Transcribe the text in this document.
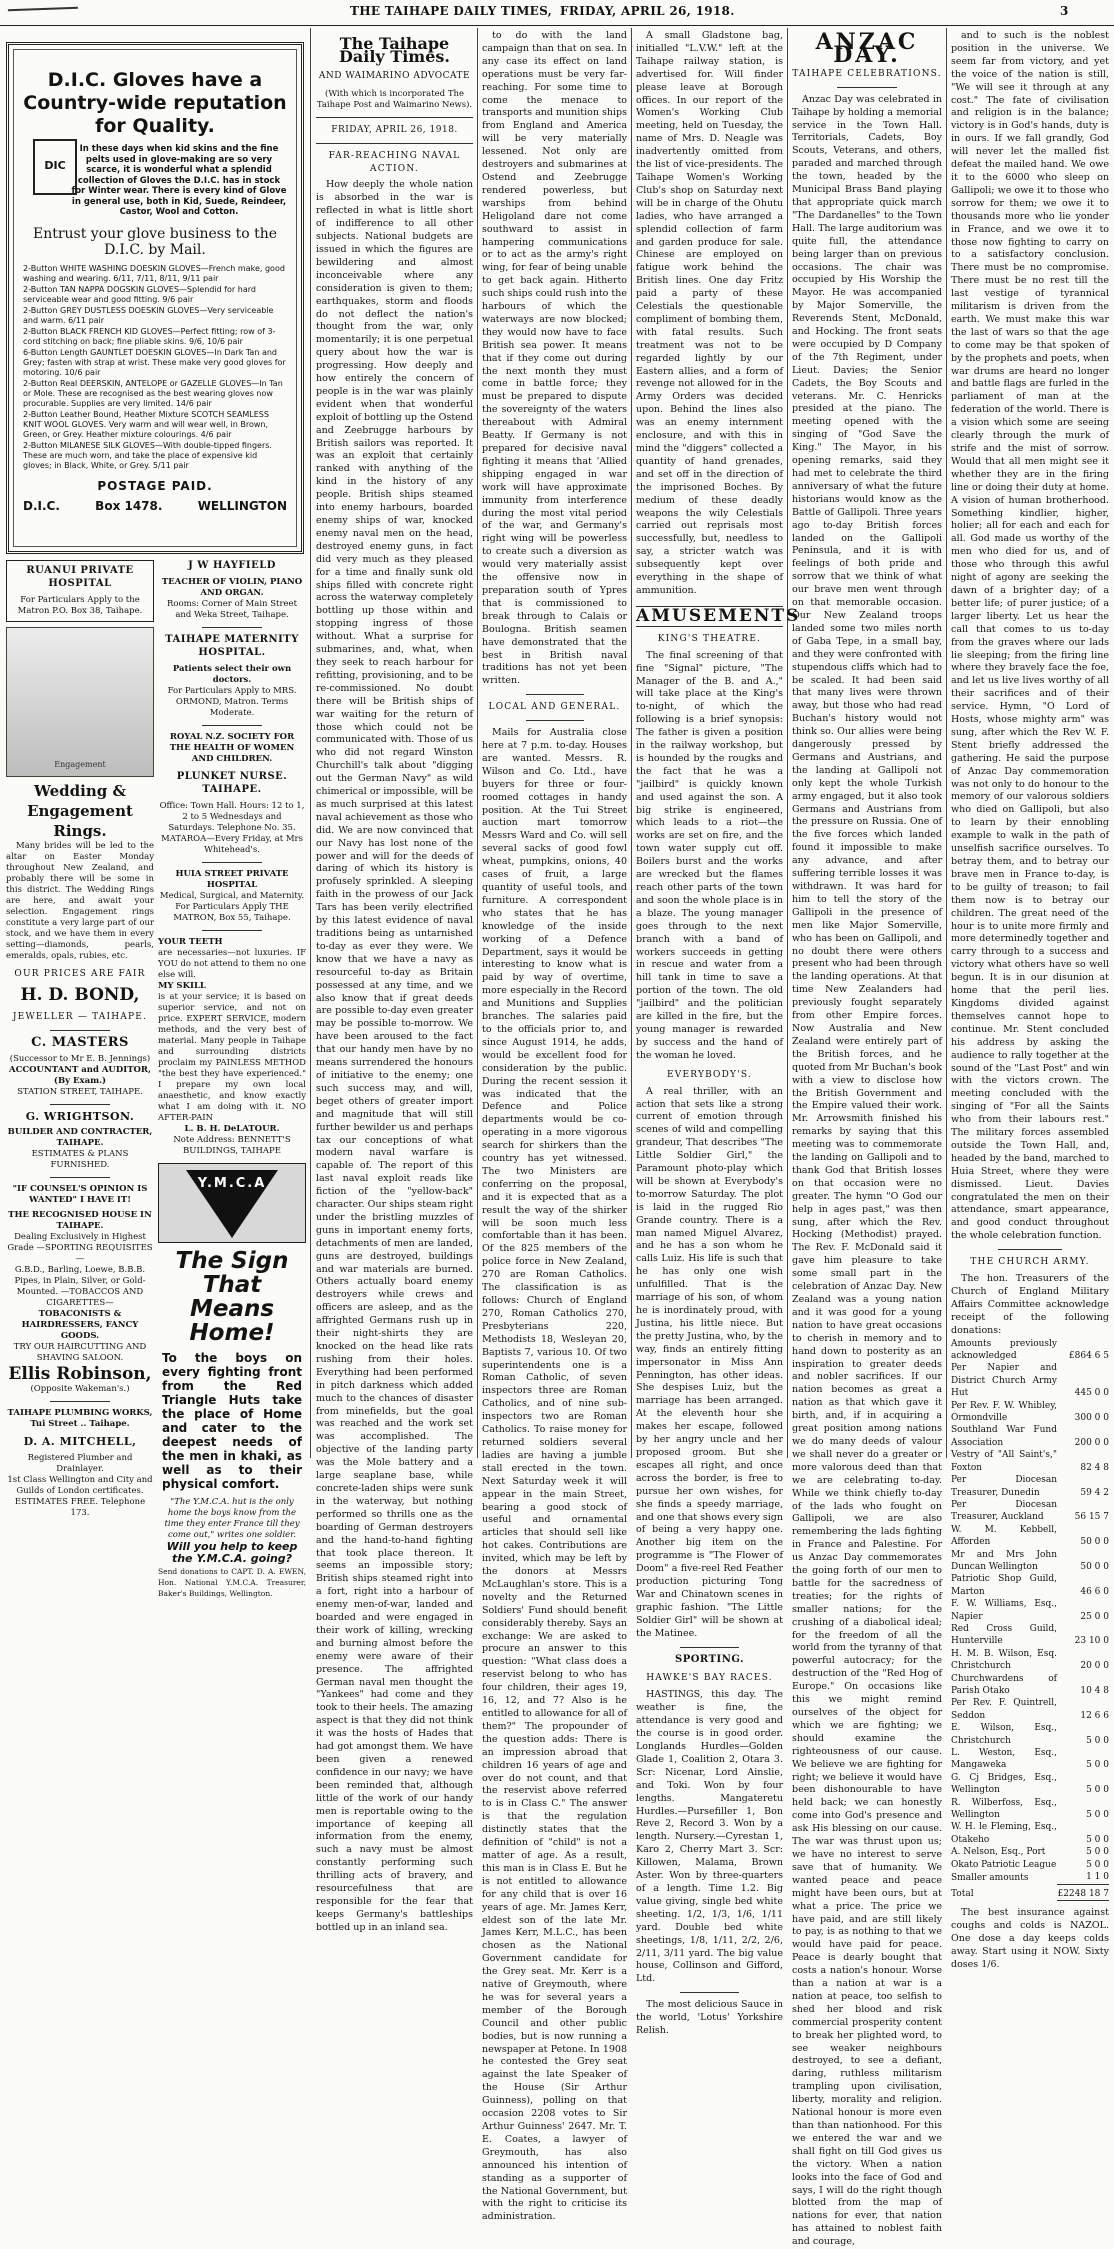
THE TAIHAPE DAILY TIMES, FRIDAY, APRIL 26, 1918.	3
D.I.C. Gloves have a Country-wide reputation for Quality.
DIC
In these days when kid skins and the fine pelts used in glove-making are so very scarce, it is wonderful what a splendid collection of Gloves the D.I.C. has in stock for Winter wear. There is every kind of Glove in general use, both in Kid, Suede, Reindeer, Castor, Wool and Cotton.
Entrust your glove business to the D.I.C. by Mail.
2-Button WHITE WASHING DOESKIN GLOVES—French make, good washing and wearing. 6/11, 7/11, 8/11, 9/11 pair
2-Button TAN NAPPA DOGSKIN GLOVES—Splendid for hard serviceable wear and good fitting. 9/6 pair
2-Button GREY DUSTLESS DOESKIN GLOVES—Very serviceable and warm. 6/11 pair
2-Button BLACK FRENCH KID GLOVES—Perfect fitting; row of 3-cord stitching on back; fine pliable skins. 9/6, 10/6 pair
6-Button Length GAUNTLET DOESKIN GLOVES—In Dark Tan and Grey; fasten with strap at wrist. These make very good gloves for motoring. 10/6 pair
2-Button Real DEERSKIN, ANTELOPE or GAZELLE GLOVES—In Tan or Mole. These are recognised as the best wearing gloves now procurable. Supplies are very limited. 14/6 pair
2-Button Leather Bound, Heather Mixture SCOTCH SEAMLESS KNIT WOOL GLOVES. Very warm and will wear well, in Brown, Green, or Grey. Heather mixture colourings. 4/6 pair
2-Button MILANESE SILK GLOVES—With double-tipped fingers. These are much worn, and take the place of expensive kid gloves; in Black, White, or Grey. 5/11 pair
POSTAGE PAID.
D.I.C.	Box 1478.	WELLINGTON
RUANUI PRIVATE HOSPITAL
For Particulars Apply to the Matron P.O. Box 38, Taihape.
Engagement
Wedding & Engagement Rings.
Many brides will be led to the altar on Easter Monday throughout New Zealand, and probably there will be some in this district. The Wedding Rings are here, and await your selection. Engagement rings constitute a very large part of our stock, and we have them in every setting—diamonds, pearls, emeralds, opals, rubies, etc.
OUR PRICES ARE FAIR
H. D. BOND,
JEWELLER — TAIHAPE.
C. MASTERS
(Successor to Mr E. B. Jennings)
ACCOUNTANT and AUDITOR, (By Exam.)
STATION STREET, TAIHAPE.
G. WRIGHTSON.
BUILDER AND CONTRACTER, TAIHAPE.
ESTIMATES & PLANS FURNISHED.
"IF COUNSEL'S OPINION IS WANTED" I HAVE IT!
THE RECOGNISED HOUSE IN TAIHAPE.
Dealing Exclusively in Highest Grade —SPORTING REQUISITES—
G.B.D., Barling, Loewe, B.B.B. Pipes, in Plain, Silver, or Gold-Mounted. —TOBACCOS AND CIGARETTES—
TOBACONISTS & HAIRDRESSERS, FANCY GOODS.
TRY OUR HAIRCUTTING AND SHAVING SALOON.
Ellis Robinson,
(Opposite Wakeman's.)
TAIHAPE PLUMBING WORKS, Tui Street .. Taihape.
D. A. MITCHELL,
Registered Plumber and Drainlayer.
1st Class Wellington and City and Guilds of London certificates.
ESTIMATES FREE. Telephone 173.
J W HAYFIELD
TEACHER OF VIOLIN, PIANO AND ORGAN.
Rooms: Corner of Main Street and Weka Street, Taihape.
TAIHAPE MATERNITY HOSPITAL.
Patients select their own doctors.
For Particulars Apply to MRS. ORMOND, Matron. Terms Moderate.
ROYAL N.Z. SOCIETY FOR THE HEALTH OF WOMEN AND CHILDREN.
PLUNKET NURSE. TAIHAPE.
Office: Town Hall. Hours: 12 to 1, 2 to 5 Wednesdays and Saturdays. Telephone No. 35.
MATAROA—Every Friday, at Mrs Whitehead's.
HUIA STREET PRIVATE HOSPITAL
Medical, Surgical, and Maternity.
For Particulars Apply THE MATRON, Box 55, Taihape.
YOUR TEETH
are necessaries—not luxuries. IF YOU do not attend to them no one else will.
MY SKILL
is at your service; it is based on superior service, and not on price. EXPERT SERVICE, modern methods, and the very best of material. Many people in Taihape and surrounding districts proclaim my PAINLESS METHOD "the best they have experienced." I prepare my own local anaesthetic, and know exactly what I am doing with it. NO AFTER-PAIN
L. B. H. DeLATOUR.
Note Address: BENNETT'S BUILDINGS, TAIHAPE
Y.M.C.A
The Sign That Means Home!
To the boys on every fighting front from the Red Triangle Huts take the place of Home and cater to the deepest needs of the men in khaki, as well as to their physical comfort.
"The Y.M.C.A. hut is the only home the boys know from the time they enter France till they come out," writes one soldier.
Will you help to keep the Y.M.C.A. going?
Send donations to CAPT. D. A. EWEN, Hon. National Y.M.C.A. Treasurer, Baker's Buildings, Wellington.
The Taihape Daily Times.
AND WAIMARINO ADVOCATE
(With which is incorporated The Taihape Post and Waimarino News).
FRIDAY, APRIL 26, 1918.
FAR-REACHING NAVAL ACTION.
How deeply the whole nation is absorbed in the war is reflected in what is little short of indifference to all other subjects. National budgets are issued in which the figures are bewildering and almost inconceivable where any consideration is given to them; earthquakes, storm and floods do not deflect the nation's thought from the war, only momentarily; it is one perpetual query about how the war is progressing. How deeply and how entirely the concern of people is in the war was plainly evident when that wonderful exploit of bottling up the Ostend and Zeebrugge harbours by British sailors was reported. It was an exploit that certainly ranked with anything of the kind in the history of any people. British ships steamed into enemy harbours, boarded enemy ships of war, knocked enemy naval men on the head, destroyed enemy guns, in fact did very much as they pleased for a time and finally sunk old ships filled with concrete right across the waterway completely bottling up those within and stopping ingress of those without. What a surprise for submarines, and, what, when they seek to reach harbour for refitting, provisioning, and to be re-commissioned. No doubt there will be British ships of war waiting for the return of those which could not be communicated with. Those of us who did not regard Winston Churchill's talk about "digging out the German Navy" as wild chimerical or impossible, will be as much surprised at this latest naval achievement as those who did. We are now convinced that our Navy has lost none of the power and will for the deeds of daring of which its history is profusely sprinkled. A sleeping faith in the prowess of our Jack Tars has been verily electrified by this latest evidence of naval traditions being as untarnished to-day as ever they were. We know that we have a navy as resourceful to-day as Britain possessed at any time, and we also know that if great deeds are possible to-day even greater may be possible to-morrow. We have been aroused to the fact that our handy men have by no means surrendered the honours of initiative to the enemy; one such success may, and will, beget others of greater import and magnitude that will still further bewilder us and perhaps tax our conceptions of what modern naval warfare is capable of. The report of this last naval exploit reads like fiction of the "yellow-back" character. Our ships steam right under the bristling muzzles of guns in important enemy forts, detachments of men are landed, guns are destroyed, buildings and war materials are burned. Others actually board enemy destroyers while crews and officers are asleep, and as the affrighted Germans rush up in their night-shirts they are knocked on the head like rats rushing from their holes. Everything had been performed in pitch darkness which added much to the chances of disaster from minefields, but the goal was reached and the work set was accomplished. The objective of the landing party was the Mole battery and a large seaplane base, while concrete-laden ships were sunk in the waterway, but nothing performed so thrills one as the boarding of German destroyers and the hand-to-hand fighting that took place thereon. It seems an impossible story; British ships steamed right into a fort, right into a harbour of enemy men-of-war, landed and boarded and were engaged in their work of killing, wrecking and burning almost before the enemy were aware of their presence. The affrighted German naval men thought the "Yankees" had come and they took to their heels. The amazing aspect is that they did not think it was the hosts of Hades that had got amongst them. We have been given a renewed confidence in our navy; we have been reminded that, although little of the work of our handy men is reportable owing to the importance of keeping all information from the enemy, such a navy must be almost constantly performing such thrilling acts of bravery, and resourcefulness that are responsible for the fear that keeps Germany's battleships bottled up in an inland sea.
to do with the land campaign than that on sea. In any case its effect on land operations must be very far-reaching. For some time to come the menace to transports and munition ships from England and America will be very materially lessened. Not only are destroyers and submarines at Ostend and Zeebrugge rendered powerless, but warships from behind Heligoland dare not come southward to assist in hampering communications or to act as the army's right wing, for fear of being unable to get back again. Hitherto such ships could rush into the harbours of which the waterways are now blocked; they would now have to face British sea power. It means that if they come out during the next month they must come in battle force; they must be prepared to dispute the sovereignty of the waters thereabout with Admiral Beatty. If Germany is not prepared for decisive naval fighting it means that 'Allied shipping engaged in war work will have approximate immunity from interference during the most vital period of the war, and Germany's right wing will be powerless to create such a diversion as would very materially assist the offensive now in preparation south of Ypres that is commissioned to break through to Calais or Boulogna. British seamen have demonstrated that the best in British naval traditions has not yet been written.
LOCAL AND GENERAL.
Mails for Australia close here at 7 p.m. to-day. Houses are wanted. Messrs. R. Wilson and Co. Ltd., have buyers for three or four-roomed cottages in handy position. At the Tui Street auction mart tomorrow Messrs Ward and Co. will sell several sacks of good fowl wheat, pumpkins, onions, 40 cases of fruit, a large quantity of useful tools, and furniture. A correspondent who states that he has knowledge of the inside working of a Defence Department, says it would be interesting to know what is paid by way of overtime, more especially in the Record and Munitions and Supplies branches. The salaries paid to the officials prior to, and since August 1914, he adds, would be excellent food for consideration by the public. During the recent session it was indicated that the Defence and Police departments would be co-operating in a more vigorous search for shirkers than the country has yet witnessed. The two Ministers are conferring on the proposal, and it is expected that as a result the way of the shirker will be soon much less comfortable than it has been. Of the 825 members of the police force in New Zealand, 270 are Roman Catholics. The classification is as follows: Church of England 270, Roman Catholics 270, Presbyterians 220, Methodists 18, Wesleyan 20, Baptists 7, various 10. Of two superintendents one is a Roman Catholic, of seven inspectors three are Roman Catholics, and of nine sub-inspectors two are Roman Catholics. To raise money for returned soldiers several ladies are having a jumble stall erected in the town. Next Saturday week it will appear in the main Street, bearing a good stock of useful and ornamental articles that should sell like hot cakes. Contributions are invited, which may be left by the donors at Messrs McLaughlan's store. This is a novelty and the Returned Soldiers' Fund should benefit considerably thereby. Says an exchange: We are asked to procure an answer to this question: "What class does a reservist belong to who has four children, their ages 19, 16, 12, and 7? Also is he entitled to allowance for all of them?" The propounder of the question adds: There is an impression abroad that children 16 years of age and over do not count, and that the reservist above referred to is in Class C." The answer is that the regulation distinctly states that the definition of "child" is not a matter of age. As a result, this man is in Class E. But he is not entitled to allowance for any child that is over 16 years of age. Mr. James Kerr, eldest son of the late Mr. James Kerr, M.L.C., has been chosen as the National Government candidate for the Grey seat. Mr. Kerr is a native of Greymouth, where he was for several years a member of the Borough Council and other public bodies, but is now running a newspaper at Petone. In 1908 he contested the Grey seat against the late Speaker of the House (Sir Arthur Guinness), polling on that occasion 2208 votes to Sir Arthur Guinness' 2647. Mr. T. E. Coates, a lawyer of Greymouth, has also announced his intention of standing as a supporter of the National Government, but with the right to criticise its administration.
A small Gladstone bag, initialled "L.V.W." left at the Taihape railway station, is advertised for. Will finder please leave at Borough offices. In our report of the Women's Working Club meeting, held on Tuesday, the name of Mrs. D. Neagle was inadvertently omitted from the list of vice-presidents. The Taihape Women's Working Club's shop on Saturday next will be in charge of the Ohutu ladies, who have arranged a splendid collection of farm and garden produce for sale. Chinese are employed on fatigue work behind the British lines. One day Fritz paid a party of these Celestials the questionable compliment of bombing them, with fatal results. Such treatment was not to be regarded lightly by our Eastern allies, and a form of revenge not allowed for in the Army Orders was decided upon. Behind the lines also was an enemy internment enclosure, and with this in mind the "diggers" collected a quantity of hand grenades, and set off in the direction of the imprisoned Boches. By medium of these deadly weapons the wily Celestials carried out reprisals most successfully, but, needless to say, a stricter watch was subsequently kept over everything in the shape of ammunition.
AMUSEMENTS
KING'S THEATRE.
The final screening of that fine "Signal" picture, "The Manager of the B. and A.," will take place at the King's to-night, of which the following is a brief synopsis: The father is given a position in the railway workshop, but is hounded by the rougks and the fact that he was a "jailbird" is quickly known and used against the son. A big strike is engineered, which leads to a riot—the works are set on fire, and the town water supply cut off. Boilers burst and the works are wrecked but the flames reach other parts of the town and soon the whole place is in a blaze. The young manager goes through to the next branch with a band of workers succeeds in getting in rescue and water from a hill tank in time to save a portion of the town. The old "jailbird" and the politician are killed in the fire, but the young manager is rewarded by success and the hand of the woman he loved.
EVERYBODY'S.
A real thriller, with an action that sets like a strong current of emotion through scenes of wild and compelling grandeur, That describes "The Little Soldier Girl," the Paramount photo-play which will be shown at Everybody's to-morrow Saturday. The plot is laid in the rugged Rio Grande country. There is a man named Miguel Alvarez, and he has a son whom he calls Luiz. His life is such that he has only one wish unfulfilled. That is the marriage of his son, of whom he is inordinately proud, with Justina, his little niece. But the pretty Justina, who, by the way, finds an entirely fitting impersonator in Miss Ann Pennington, has other ideas. She despises Luiz, but the marriage has been arranged. At the eleventh hour she makes her escape, followed by her angry uncle and her proposed groom. But she escapes all right, and once across the border, is free to pursue her own wishes, for she finds a speedy marriage, and one that shows every sign of being a very happy one. Another big item on the programme is "The Flower of Doom" a five-reel Red Feather production picturing Tong War and Chinatown scenes in graphic fashion. "The Little Soldier Girl" will be shown at the Matinee.
SPORTING.
HAWKE'S BAY RACES.
HASTINGS, this day. The weather is fine, the attendance is very good and the course is in good order. Longlands Hurdles—Golden Glade 1, Coalition 2, Otara 3. Scr: Nicenar, Lord Ainslie, and Toki. Won by four lengths. Mangateretu Hurdles.—Pursefiller 1, Bon Reve 2, Record 3. Won by a length. Nursery.—Cyrestan 1, Karo 2, Cherry Mart 3. Scr: Killowen, Malama, Brown Aster. Won by three-quarters of a length. Time 1.2. Big value giving, single bed white sheeting. 1/2, 1/3, 1/6, 1/11 yard. Double bed white sheetings, 1/8, 1/11, 2/2, 2/6, 2/11, 3/11 yard. The big value house, Collinson and Gifford, Ltd.
The most delicious Sauce in the world, 'Lotus' Yorkshire Relish.
ANZAC DAY.
TAIHAPE CELEBRATIONS.
Anzac Day was celebrated in Taihape by holding a memorial service in the Town Hall. Territorials, Cadets, Boy Scouts, Veterans, and others, paraded and marched through the town, headed by the Municipal Brass Band playing that appropriate quick march "The Dardanelles" to the Town Hall. The large auditorium was quite full, the attendance being larger than on previous occasions. The chair was occupied by His Worship the Mayor. He was accompanied by Major Somerville, the Reverends Stent, McDonald, and Hocking. The front seats were occupied by D Company of the 7th Regiment, under Lieut. Davies; the Senior Cadets, the Boy Scouts and veterans. Mr. C. Henricks presided at the piano. The meeting opened with the singing of "God Save the King." The Mayor, in his opening remarks, said they had met to celebrate the third anniversary of what the future historians would know as the Battle of Gallipoli. Three years ago to-day British forces landed on the Gallipoli Peninsula, and it is with feelings of both pride and sorrow that we think of what our brave men went through on that memorable occasion. Our New Zealand troops landed some two miles north of Gaba Tepe, in a small bay, and they were confronted with stupendous cliffs which had to be scaled. It had been said that many lives were thrown away, but those who had read Buchan's history would not think so. Our allies were being dangerously pressed by Germans and Austrians, and the landing at Gallipoli not only kept the whole Turkish army engaged, but it also took Germans and Austrians from the pressure on Russia. One of the five forces which landed found it impossible to make any advance, and after suffering terrible losses it was withdrawn. It was hard for him to tell the story of the Gallipoli in the presence of men like Major Somerville, who has been on Gallipoli, and no doubt there were others present who had been through the landing operations. At that time New Zealanders had previously fought separately from other Empire forces. Now Australia and New Zealand were entirely part of the British forces, and he quoted from Mr Buchan's book with a view to disclose how the British Government and the Empire valued their work. Mr. Arrowsmith finished his remarks by saying that this meeting was to commemorate the landing on Gallipoli and to thank God that British losses on that occasion were no greater. The hymn "O God our help in ages past," was then sung, after which the Rev. Hocking (Methodist) prayed. The Rev. F. McDonald said it gave him pleasure to take some small part in the celebration of Anzac Day. New Zealand was a young nation and it was good for a young nation to have great occasions to cherish in memory and to hand down to posterity as an inspiration to greater deeds and nobler sacrifices. If our nation becomes as great a nation as that which gave it birth, and, if in acquiring a great position among nations we do many deeds of valour we shall never do a greater or more valorous deed than that we are celebrating to-day. While we think chiefly to-day of the lads who fought on Gallipoli, we are also remembering the lads fighting in France and Palestine. For us Anzac Day commemorates the going forth of our men to battle for the sacredness of treaties; for the rights of smaller nations; for the crushing of a diabolical ideal; for the freedom of all the world from the tyranny of that powerful autocracy; for the destruction of the "Red Hog of Europe." On occasions like this we might remind ourselves of the object for which we are fighting; we should examine the righteousness of our cause. We believe we are fighting for right; we believe it would have been dishonourable to have held back; we can honestly come into God's presence and ask His blessing on our cause. The war was thrust upon us; we have no interest to serve save that of humanity. We wanted peace and peace might have been ours, but at what a price. The price we have paid, and are still likely to pay, is as nothing to that we would have paid for peace. Peace is dearly bought that costs a nation's honour. Worse than a nation at war is a nation at peace, too selfish to shed her blood and risk commercial prosperity content to break her plighted word, to see weaker neighbours destroyed, to see a defiant, daring, ruthless militarism trampling upon civilisation, liberty, morality and religion. National honour is more even than than nationhood. For this we entered the war and we shall fight on till God gives us the victory. When a nation looks into the face of God and says, I will do the right though blotted from the map of nations for ever, that nation has attained to noblest faith and courage,
and to such is the noblest position in the universe. We seem far from victory, and yet the voice of the nation is still, "We will see it through at any cost." The fate of civilisation and religion is in the balance; victory is in God's hands, duty is in ours. If we fall grandly, God will never let the malled fist defeat the mailed hand. We owe it to the 6000 who sleep on Gallipoli; we owe it to those who sorrow for them; we owe it to thousands more who lie yonder in France, and we owe it to those now fighting to carry on to a satisfactory conclusion. There must be no compromise. There must be no rest till the last vestige of tyrannical militarism is driven from the earth. We must make this war the last of wars so that the age to come may be that spoken of by the prophets and poets, when war drums are heard no longer and battle flags are furled in the parliament of man at the federation of the world. There is a vision which some are seeing clearly through the murk of strife and the mist of sorrow. Would that all men might see it whether they are in the firing line or doing their duty at home. A vision of human brotherhood. Something kindlier, higher, holier; all for each and each for all. God made us worthy of the men who died for us, and of those who through this awful night of agony are seeking the dawn of a brighter day; of a better life; of purer justice; of a larger liberty. Let us hear the call that comes to us to-day from the graves where our lads lie sleeping; from the firing line where they bravely face the foe, and let us live lives worthy of all their sacrifices and of their service. Hymn, "O Lord of Hosts, whose mighty arm" was sung, after which the Rev W. F. Stent briefly addressed the gathering. He said the purpose of Anzac Day commemoration was not only to do honour to the memory of our valorous soldiers who died on Gallipoli, but also to learn by their ennobling example to walk in the path of unselfish sacrifice ourselves. To betray them, and to betray our brave men in France to-day, is to be guilty of treason; to fail them now is to betray our children. The great need of the hour is to unite more firmly and more determinedly together and carry through to a success and victory what others have so well begun. It is in our disunion at home that the peril lies. Kingdoms divided against themselves cannot hope to continue. Mr. Stent concluded his address by asking the audience to rally together at the sound of the "Last Post" and win with the victors crown. The meeting concluded with the singing of "For all the Saints who from their labours rest." The military forces assembled outside the Town Hall, and, headed by the band, marched to Huia Street, where they were dismissed. Lieut. Davies congratulated the men on their attendance, smart appearance, and good conduct throughout the whole celebration function.
THE CHURCH ARMY.
The hon. Treasurers of the Church of England Military Affairs Committee acknowledge receipt of the following donations:
Amounts previously acknowledged	£864 6 5
Per Napier and District Church Army Hut	445 0 0
Per Rev. F. W. Whibley, Ormondville	300 0 0
Southland War Fund Association	200 0 0
Vestry of "All Saint's," Foxton	82 4 8
Per Diocesan Treasurer, Dunedin	59 4 2
Per Diocesan Treasurer, Auckland	56 15 7
W. M. Kebbell, Afforden	50 0 0
Mr and Mrs John Duncan Wellington	50 0 0
Patriotic Shop Guild, Marton	46 6 0
F. W. Williams, Esq., Napier	25 0 0
Red Cross Guild, Hunterville	23 10 0
H. M. B. Wilson, Esq. Christchurch	20 0 0
Churchwardens of Parish Otako	10 4 8
Per Rev. F. Quintrell, Seddon	12 6 6
E. Wilson, Esq., Christchurch	5 0 0
L. Weston, Esq., Mangaweka	5 0 0
G. Cj Bridges, Esq., Wellington	5 0 0
R. Wilberfoss, Esq., Wellington	5 0 0
W. H. le Fleming, Esq., Otakeho	5 0 0
A. Nelson, Esq., Port	5 0 0
Okato Patriotic League	5 0 0
Smaller amounts	1 1 0
Total	£2248 18 7
The best insurance against coughs and colds is NAZOL. One dose a day keeps colds away. Start using it NOW. Sixty doses 1/6.
